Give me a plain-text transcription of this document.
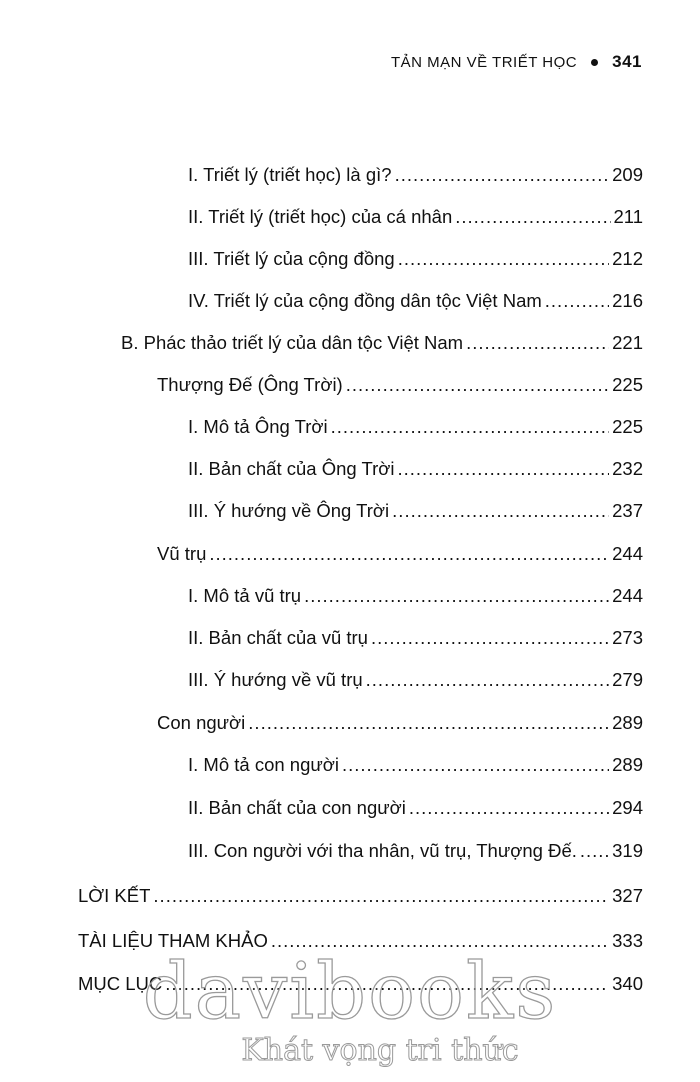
TẢN MẠN VỀ TRIẾT HỌC 341
I. Triết lý (triết học) là gì? .....	209
II. Triết lý (triết học) của cá nhân .....	211
III. Triết lý của cộng đồng .....	212
IV. Triết lý của cộng đồng dân tộc Việt Nam .....	216
B. Phác thảo triết lý của dân tộc Việt Nam .....	221
Thượng Đế (Ông Trời) .....	225
I. Mô tả Ông Trời .....	225
II. Bản chất của Ông Trời .....	232
III. Ý hướng về Ông Trời .....	237
Vũ trụ .....	244
I. Mô tả vũ trụ .....	244
II. Bản chất của vũ trụ .....	273
III. Ý hướng về vũ trụ .....	279
Con người .....	289
I. Mô tả con người .....	289
II. Bản chất của con người .....	294
III. Con người với tha nhân, vũ trụ, Thượng Đế. ..... 319
LỜI KẾT .....	327
TÀI LIỆU THAM KHẢO .....	333
MỤC LỤC .....	340
davibooks
Khát vọng tri thức
